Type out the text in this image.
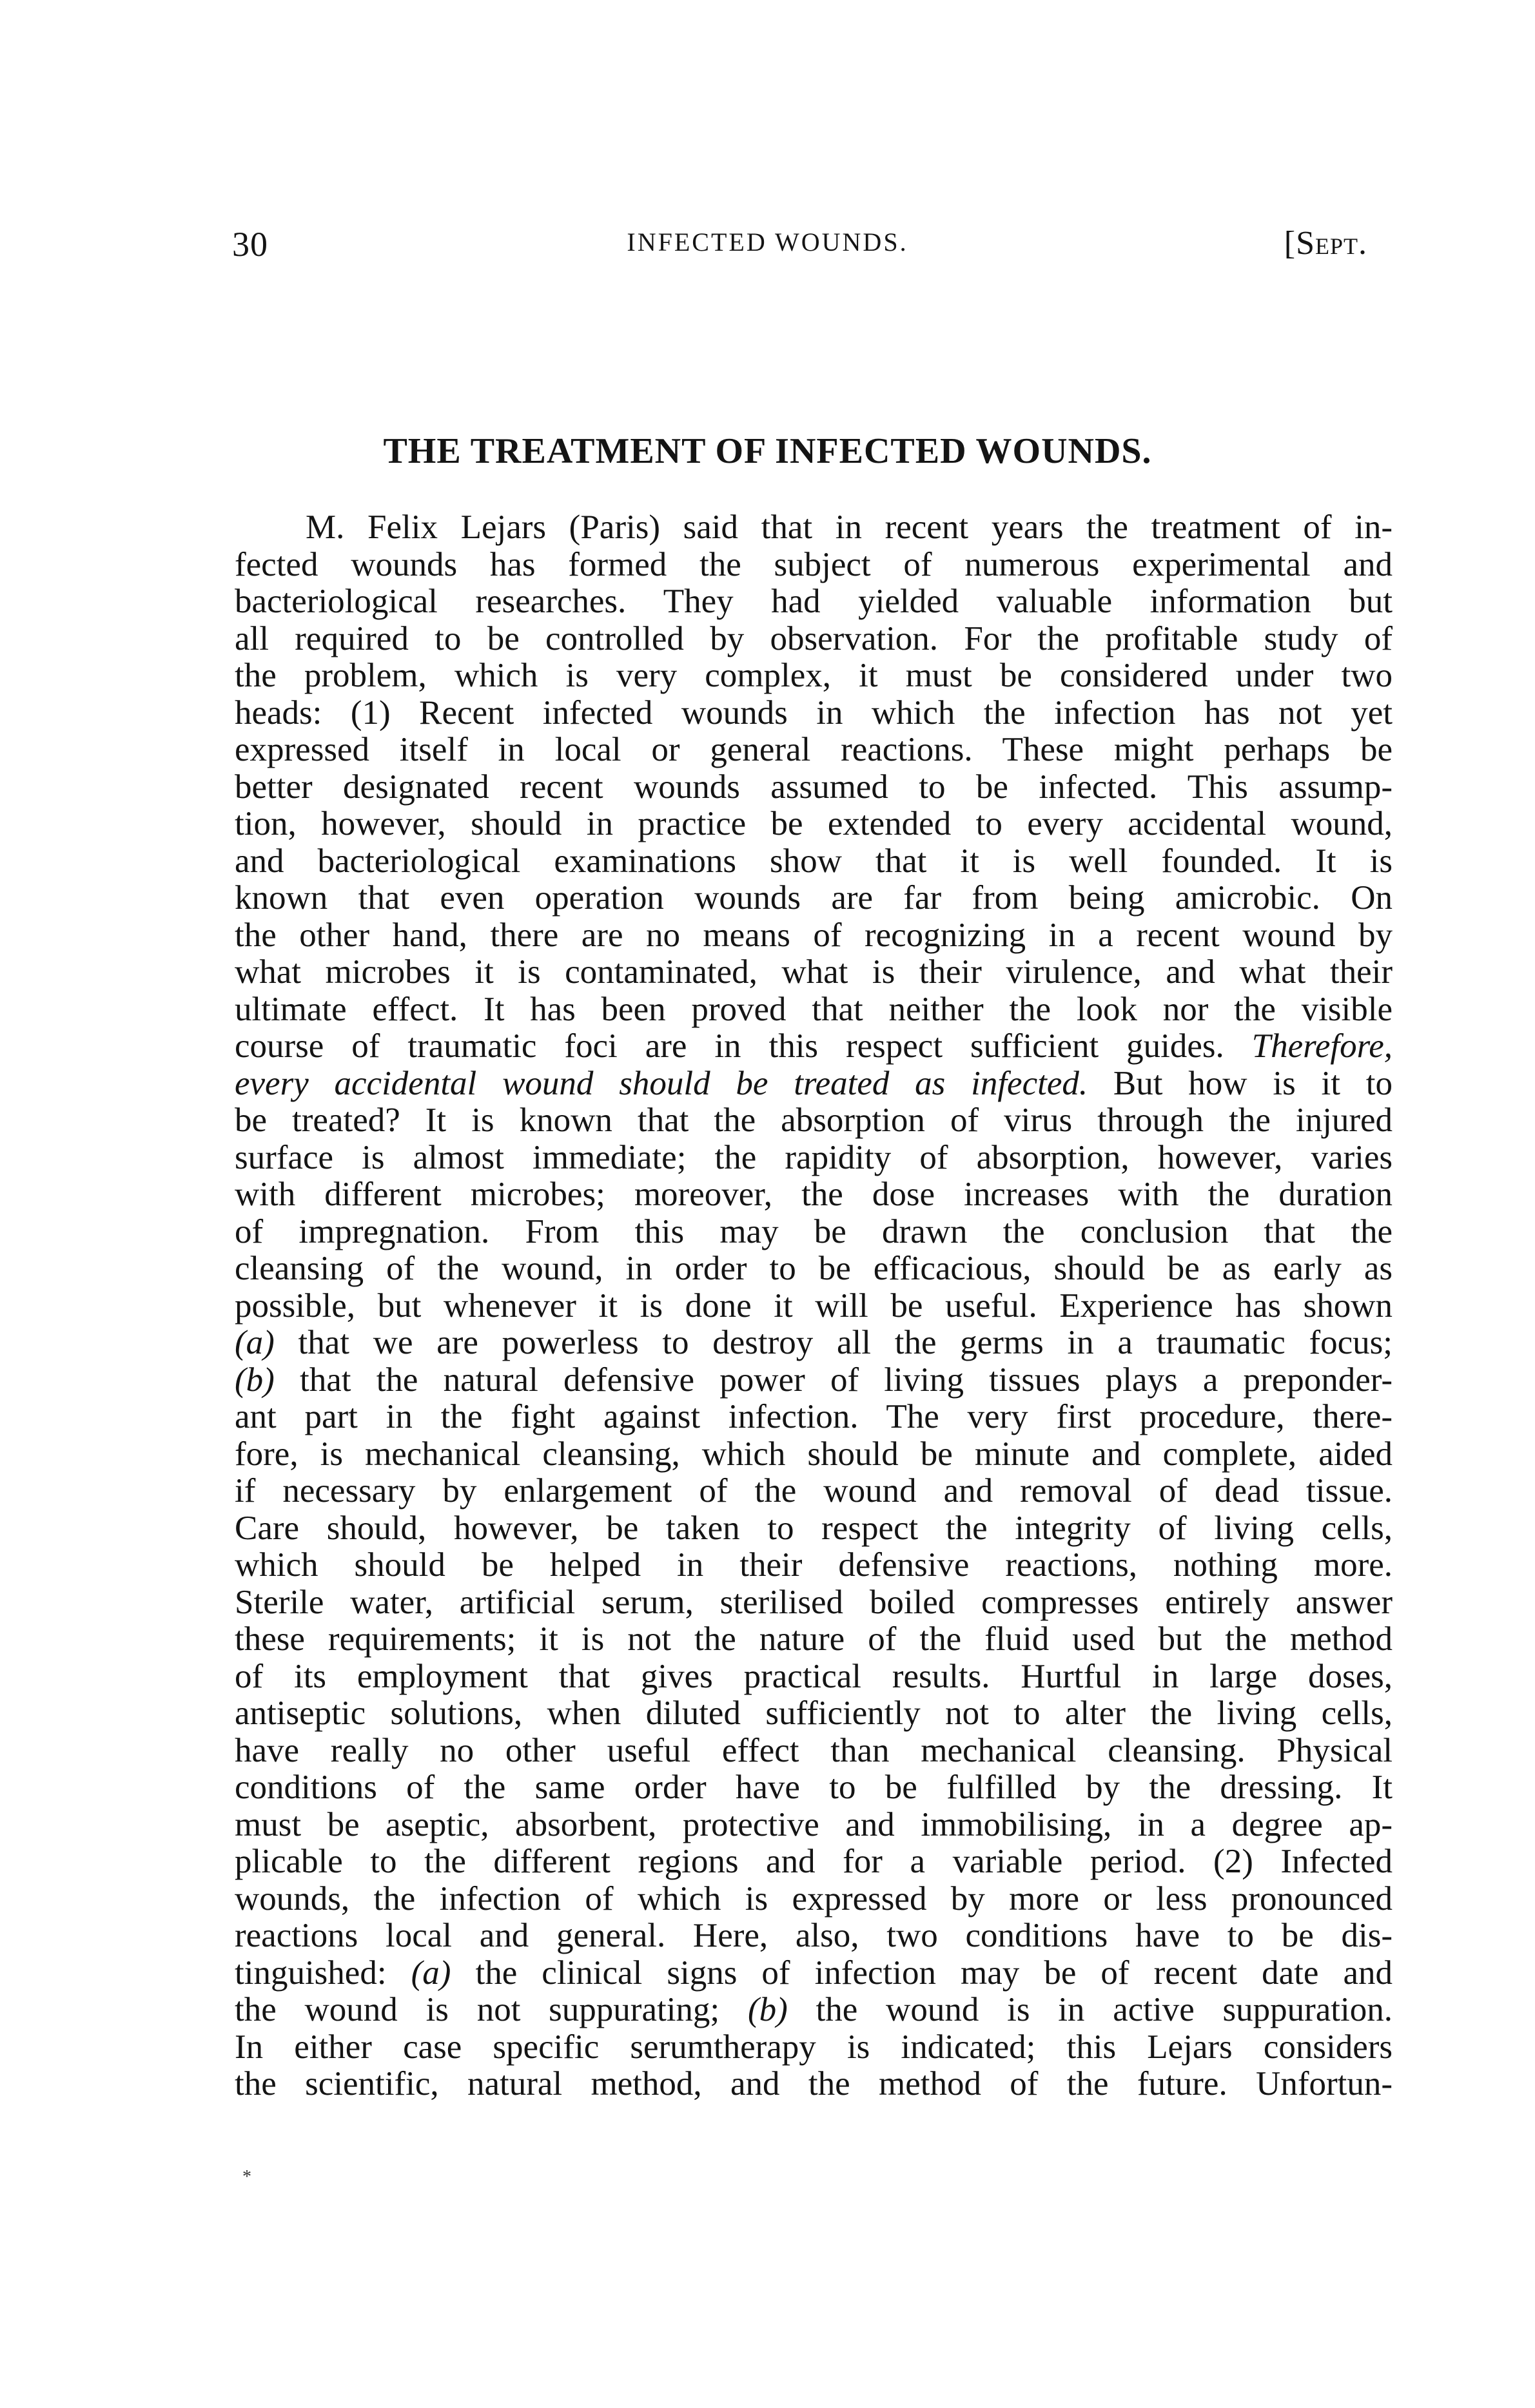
30	INFECTED WOUNDS.	[Sept.
THE TREATMENT OF INFECTED WOUNDS.
M. Felix Lejars (Paris) said that in recent years the treatment of in-
fected wounds has formed the subject of numerous experimental and
bacteriological researches. They had yielded valuable information but
all required to be controlled by observation. For the profitable study of
the problem, which is very complex, it must be considered under two
heads: (1) Recent infected wounds in which the infection has not yet
expressed itself in local or general reactions. These might perhaps be
better designated recent wounds assumed to be infected. This assump-
tion, however, should in practice be extended to every accidental wound,
and bacteriological examinations show that it is well founded. It is
known that even operation wounds are far from being amicrobic. On
the other hand, there are no means of recognizing in a recent wound by
what microbes it is contaminated, what is their virulence, and what their
ultimate effect. It has been proved that neither the look nor the visible
course of traumatic foci are in this respect sufficient guides. Therefore,
every accidental wound should be treated as infected. But how is it to
be treated? It is known that the absorption of virus through the injured
surface is almost immediate; the rapidity of absorption, however, varies
with different microbes; moreover, the dose increases with the duration
of impregnation. From this may be drawn the conclusion that the
cleansing of the wound, in order to be efficacious, should be as early as
possible, but whenever it is done it will be useful. Experience has shown
(a) that we are powerless to destroy all the germs in a traumatic focus;
(b) that the natural defensive power of living tissues plays a preponder-
ant part in the fight against infection. The very first procedure, there-
fore, is mechanical cleansing, which should be minute and complete, aided
if necessary by enlargement of the wound and removal of dead tissue.
Care should, however, be taken to respect the integrity of living cells,
which should be helped in their defensive reactions, nothing more.
Sterile water, artificial serum, sterilised boiled compresses entirely answer
these requirements; it is not the nature of the fluid used but the method
of its employment that gives practical results. Hurtful in large doses,
antiseptic solutions, when diluted sufficiently not to alter the living cells,
have really no other useful effect than mechanical cleansing. Physical
conditions of the same order have to be fulfilled by the dressing. It
must be aseptic, absorbent, protective and immobilising, in a degree ap-
plicable to the different regions and for a variable period. (2) Infected
wounds, the infection of which is expressed by more or less pronounced
reactions local and general. Here, also, two conditions have to be dis-
tinguished: (a) the clinical signs of infection may be of recent date and
the wound is not suppurating; (b) the wound is in active suppuration.
In either case specific serumtherapy is indicated; this Lejars considers
the scientific, natural method, and the method of the future. Unfortun-
*
